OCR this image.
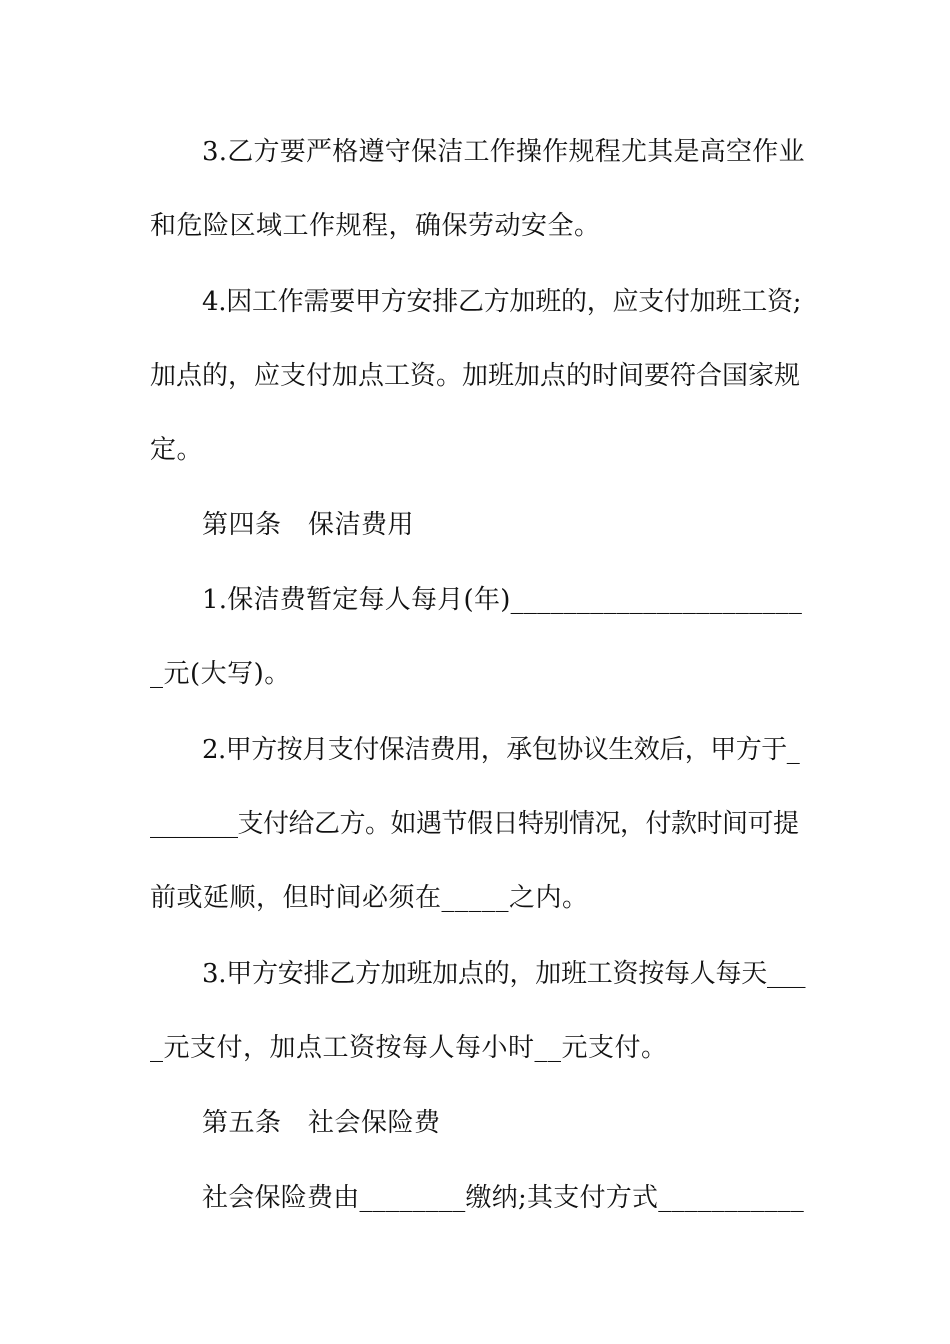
3.乙方要严格遵守保洁工作操作规程尤其是高空作业

和危险区域工作规程，确保劳动安全。

4.因工作需要甲方安排乙方加班的，应支付加班工资;

加点的，应支付加点工资。加班加点的时间要符合国家规

定。

第四条　保洁费用

1.保洁费暂定每人每月(年)______________________

_元(大写)。

2.甲方按月支付保洁费用，承包协议生效后，甲方于_

_______支付给乙方。如遇节假日特别情况，付款时间可提

前或延顺，但时间必须在_____之内。

3.甲方安排乙方加班加点的，加班工资按每人每天___

_元支付，加点工资按每人每小时__元支付。

第五条　社会保险费

社会保险费由________缴纳;其支付方式___________
